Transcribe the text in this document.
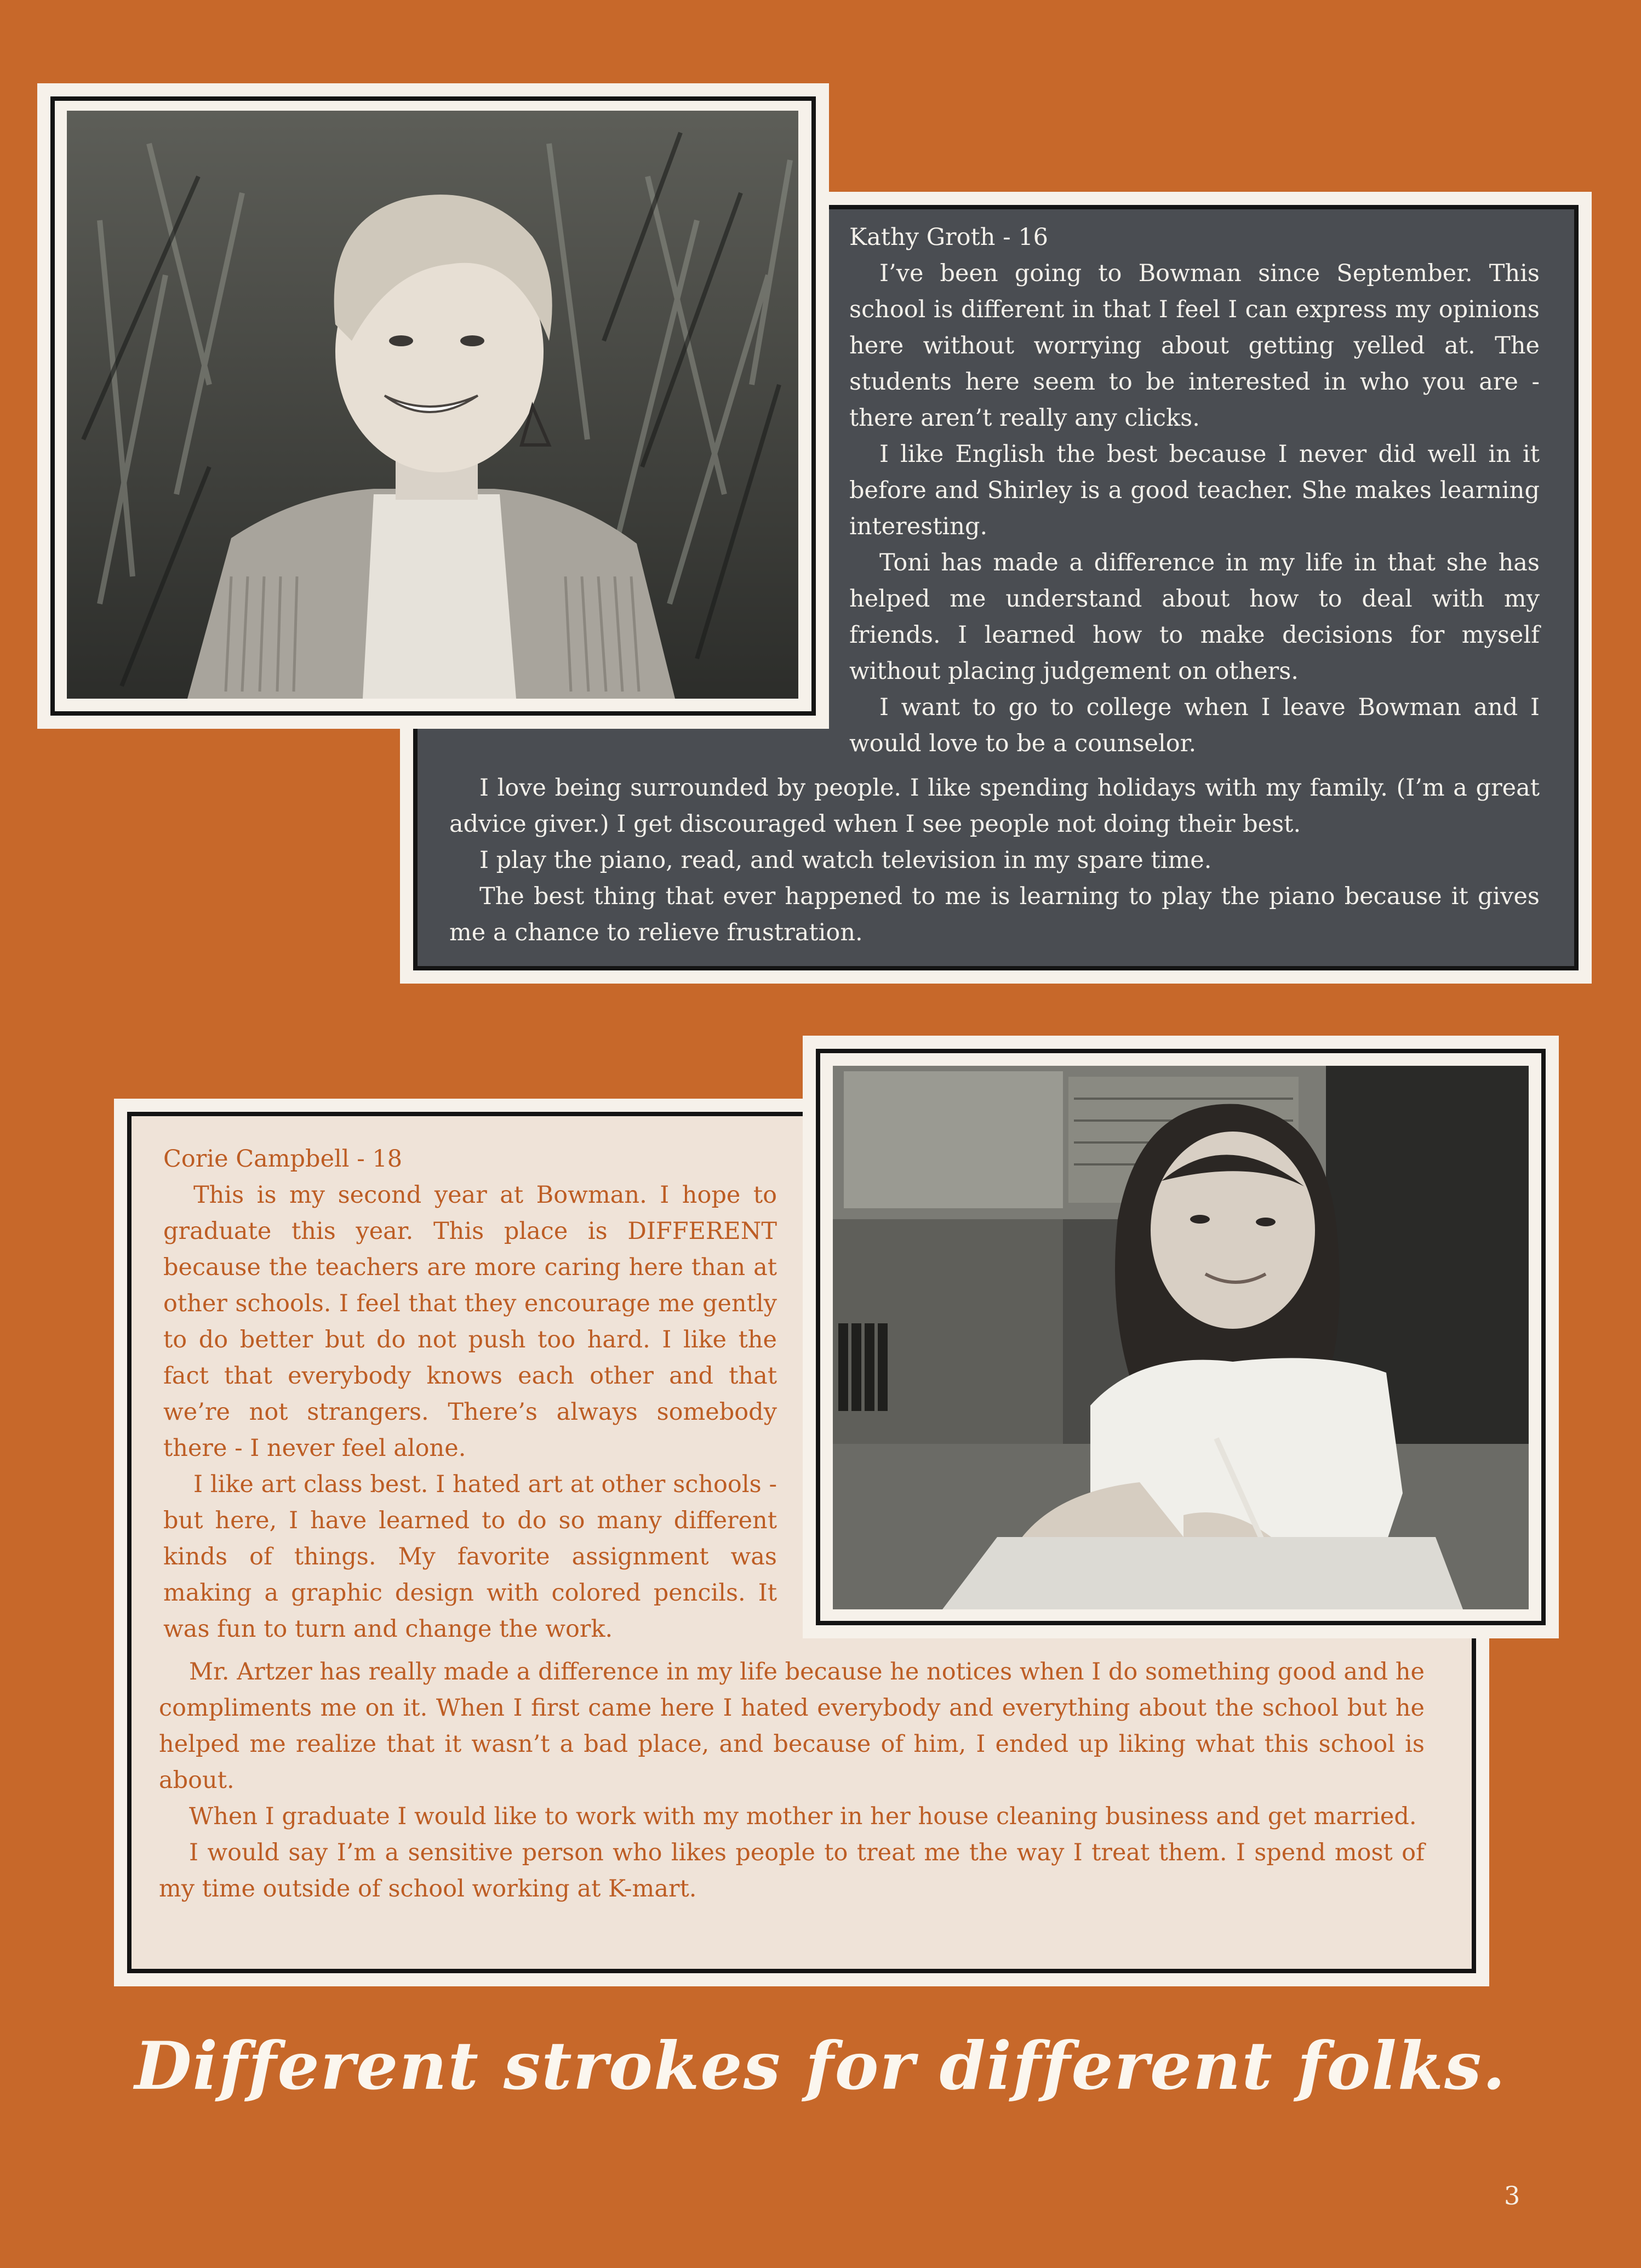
Kathy Groth - 16

I’ve been going to Bowman since September. This school is different in that I feel I can express my opinions here without worrying about getting yelled at. The students here seem to be interested in who you are - there aren’t really any clicks.

I like English the best because I never did well in it before and Shirley is a good teacher. She makes learning interesting.

Toni has made a difference in my life in that she has helped me understand about how to deal with my friends. I learned how to make decisions for myself without placing judgement on others.

I want to go to college when I leave Bowman and I would love to be a counselor.

I love being surrounded by people. I like spending holidays with my family. (I’m a great advice giver.) I get discouraged when I see people not doing their best.

I play the piano, read, and watch television in my spare time.

The best thing that ever happened to me is learning to play the piano because it gives me a chance to relieve frustration.

Corie Campbell - 18

This is my second year at Bowman. I hope to graduate this year. This place is DIFFERENT because the teachers are more caring here than at other schools. I feel that they encourage me gently to do better but do not push too hard. I like the fact that everybody knows each other and that we’re not strangers. There’s always somebody there - I never feel alone.

I like art class best. I hated art at other schools - but here, I have learned to do so many different kinds of things. My favorite assignment was making a graphic design with colored pencils. It was fun to turn and change the work.

Mr. Artzer has really made a difference in my life because he notices when I do something good and he compliments me on it. When I first came here I hated everybody and everything about the school but he helped me realize that it wasn’t a bad place, and because of him, I ended up liking what this school is about.

When I graduate I would like to work with my mother in her house cleaning business and get married.

I would say I’m a sensitive person who likes people to treat me the way I treat them. I spend most of my time outside of school working at K-mart.

Different strokes for different folks.
3
